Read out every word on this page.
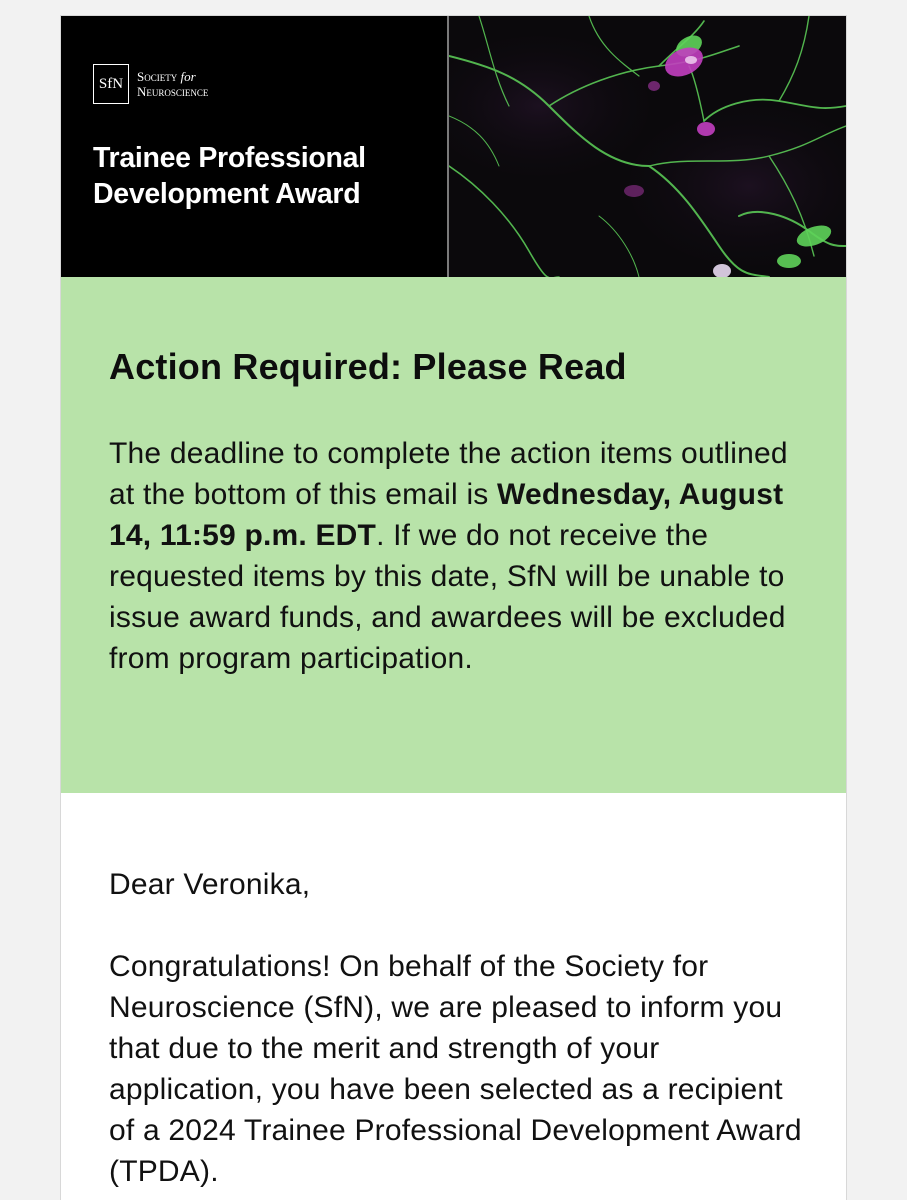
SfN	Society for
Neuroscience
Trainee Professional
Development Award
Action Required: Please Read

The deadline to complete the action items outlined at the bottom of this email is Wednesday, August 14, 11:59 p.m. EDT. If we do not receive the requested items by this date, SfN will be unable to issue award funds, and awardees will be excluded from program participation.

Dear Veronika,

Congratulations! On behalf of the Society for Neuroscience (SfN), we are pleased to inform you that due to the merit and strength of your application, you have been selected as a recipient of a 2024 Trainee Professional Development Award (TPDA).
